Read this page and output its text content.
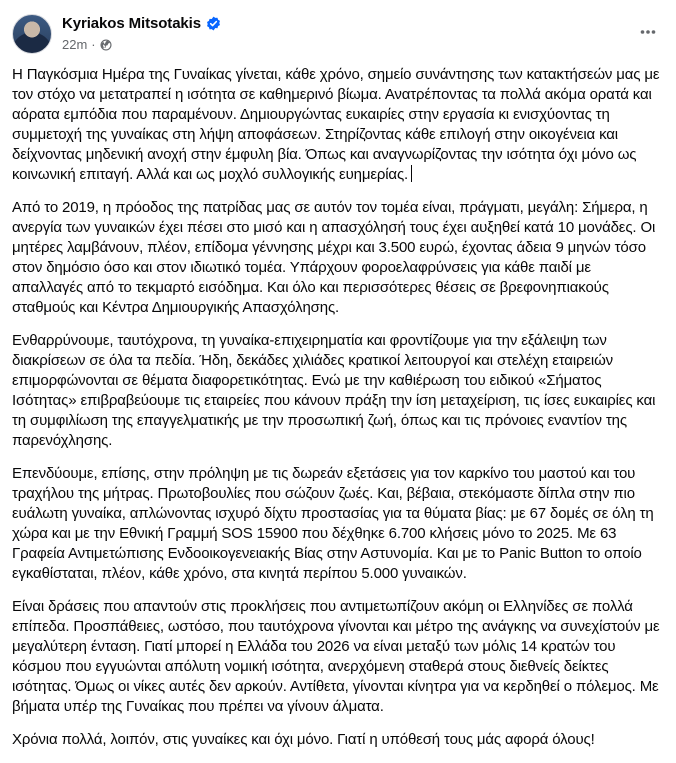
Kyriakos Mitsotakis
22m ·

Η Παγκόσμια Ημέρα της Γυναίκας γίνεται, κάθε χρόνο, σημείο συνάντησης των κατακτήσεών μας με τον στόχο να μετατραπεί η ισότητα σε καθημερινό βίωμα. Ανατρέποντας τα πολλά ακόμα ορατά και αόρατα εμπόδια που παραμένουν. Δημιουργώντας ευκαιρίες στην εργασία κι ενισχύοντας τη συμμετοχή της γυναίκας στη λήψη αποφάσεων. Στηρίζοντας κάθε επιλογή στην οικογένεια και δείχνοντας μηδενική ανοχή στην έμφυλη βία. Όπως και αναγνωρίζοντας την ισότητα όχι μόνο ως κοινωνική επιταγή. Αλλά και ως μοχλό συλλογικής ευημερίας.

Από το 2019, η πρόοδος της πατρίδας μας σε αυτόν τον τομέα είναι, πράγματι, μεγάλη: Σήμερα, η ανεργία των γυναικών έχει πέσει στο μισό και η απασχόλησή τους έχει αυξηθεί κατά 10 μονάδες. Οι μητέρες λαμβάνουν, πλέον, επίδομα γέννησης μέχρι και 3.500 ευρώ, έχοντας άδεια 9 μηνών τόσο στον δημόσιο όσο και στον ιδιωτικό τομέα. Υπάρχουν φοροελαφρύνσεις για κάθε παιδί με απαλλαγές από το τεκμαρτό εισόδημα. Και όλο και περισσότερες θέσεις σε βρεφονηπιακούς σταθμούς και Κέντρα Δημιουργικής Απασχόλησης.

Ενθαρρύνουμε, ταυτόχρονα, τη γυναίκα-επιχειρηματία και φροντίζουμε για την εξάλειψη των διακρίσεων σε όλα τα πεδία. Ήδη, δεκάδες χιλιάδες κρατικοί λειτουργοί και στελέχη εταιρειών επιμορφώνονται σε θέματα διαφορετικότητας. Ενώ με την καθιέρωση του ειδικού «Σήματος Ισότητας» επιβραβεύουμε τις εταιρείες που κάνουν πράξη την ίση μεταχείριση, τις ίσες ευκαιρίες και τη συμφιλίωση της επαγγελματικής με την προσωπική ζωή, όπως και τις πρόνοιες εναντίον της παρενόχλησης.

Επενδύουμε, επίσης, στην πρόληψη με τις δωρεάν εξετάσεις για τον καρκίνο του μαστού και του τραχήλου της μήτρας. Πρωτοβουλίες που σώζουν ζωές. Και, βέβαια, στεκόμαστε δίπλα στην πιο ευάλωτη γυναίκα, απλώνοντας ισχυρό δίχτυ προστασίας για τα θύματα βίας: με 67 δομές σε όλη τη χώρα και με την Εθνική Γραμμή SOS 15900 που δέχθηκε 6.700 κλήσεις μόνο το 2025. Με 63 Γραφεία Αντιμετώπισης Ενδοοικογενειακής Βίας στην Αστυνομία. Και με το Panic Button το οποίο εγκαθίσταται, πλέον, κάθε χρόνο, στα κινητά περίπου 5.000 γυναικών.

Είναι δράσεις που απαντούν στις προκλήσεις που αντιμετωπίζουν ακόμη οι Ελληνίδες σε πολλά επίπεδα. Προσπάθειες, ωστόσο, που ταυτόχρονα γίνονται και μέτρο της ανάγκης να συνεχίστούν με μεγαλύτερη ένταση. Γιατί μπορεί η Ελλάδα του 2026 να είναι μεταξύ των μόλις 14 κρατών του κόσμου που εγγυώνται απόλυτη νομική ισότητα, ανερχόμενη σταθερά στους διεθνείς δείκτες ισότητας. Όμως οι νίκες αυτές δεν αρκούν. Αντίθετα, γίνονται κίνητρα για να κερδηθεί ο πόλεμος. Με βήματα υπέρ της Γυναίκας που πρέπει να γίνουν άλματα.

Χρόνια πολλά, λοιπόν, στις γυναίκες και όχι μόνο. Γιατί η υπόθεσή τους μάς αφορά όλους!
